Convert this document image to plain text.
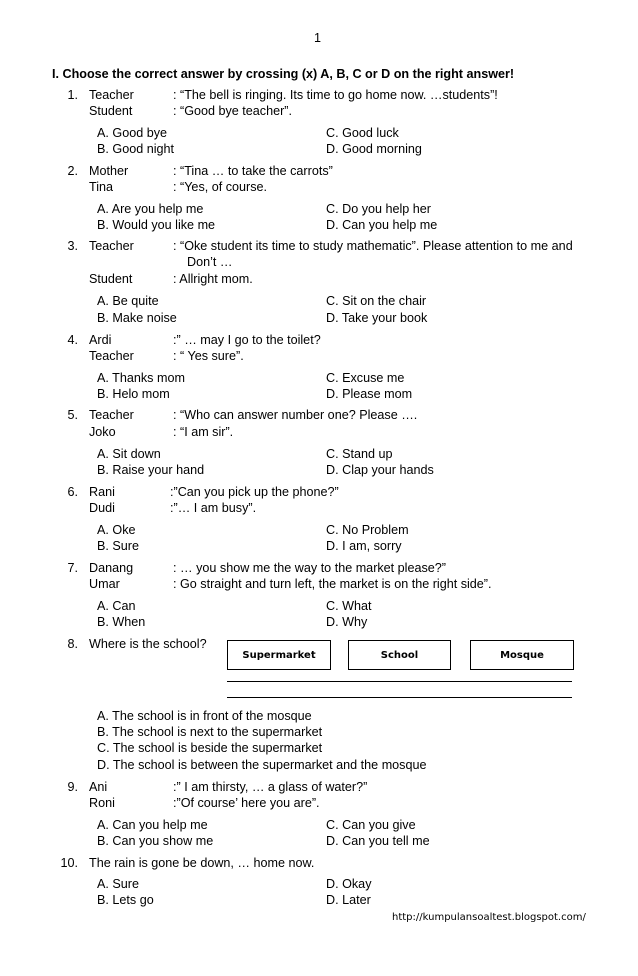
1
I. Choose the correct answer by crossing (x) A, B, C or D on the right answer!
1. Teacher	: “The bell is ringing. Its time to go home now. …students”!
Student	: “Good bye teacher”.
A. Good bye	C. Good luck
B. Good night	D. Good morning
2. Mother	: “Tina … to take the carrots”
Tina	: “Yes, of course.
A. Are you help me	C. Do you help her
B. Would you like me	D. Can you help me
3. Teacher	: “Oke student its time to study mathematic”. Please attention to me and
Don’t …
Student	: Allright mom.
A. Be quite	C. Sit on the chair
B. Make noise	D. Take your book
4. Ardi	:” … may I go to the toilet?
Teacher	: “ Yes sure”.
A. Thanks mom	C. Excuse me
B. Helo mom	D. Please mom
5. Teacher	: “Who can answer number one? Please ….
Joko	: “I am sir”.
A. Sit down	C. Stand up
B. Raise your hand	D. Clap your hands
6. Rani	:”Can you pick up the phone?”
Dudi	:”… I am busy”.
A. Oke	C. No Problem
B. Sure	D. I am, sorry
7. Danang	: … you show me the way to the market please?”
Umar	: Go straight and turn left, the market is on the right side”.
A. Can	C. What
B. When	D. Why
8. Where is the school?
Supermarket	School	Mosque
A. The school is in front of the mosque
B. The school is next to the supermarket
C. The school is beside the supermarket
D. The school is between the supermarket and the mosque
9. Ani	:” I am thirsty, … a glass of water?”
Roni	:”Of course’ here you are”.
A. Can you help me	C. Can you give
B. Can you show me	D. Can you tell me
10. The rain is gone be down, … home now.
A. Sure	D. Okay
B. Lets go	D. Later
http://kumpulansoaltest.blogspot.com/
